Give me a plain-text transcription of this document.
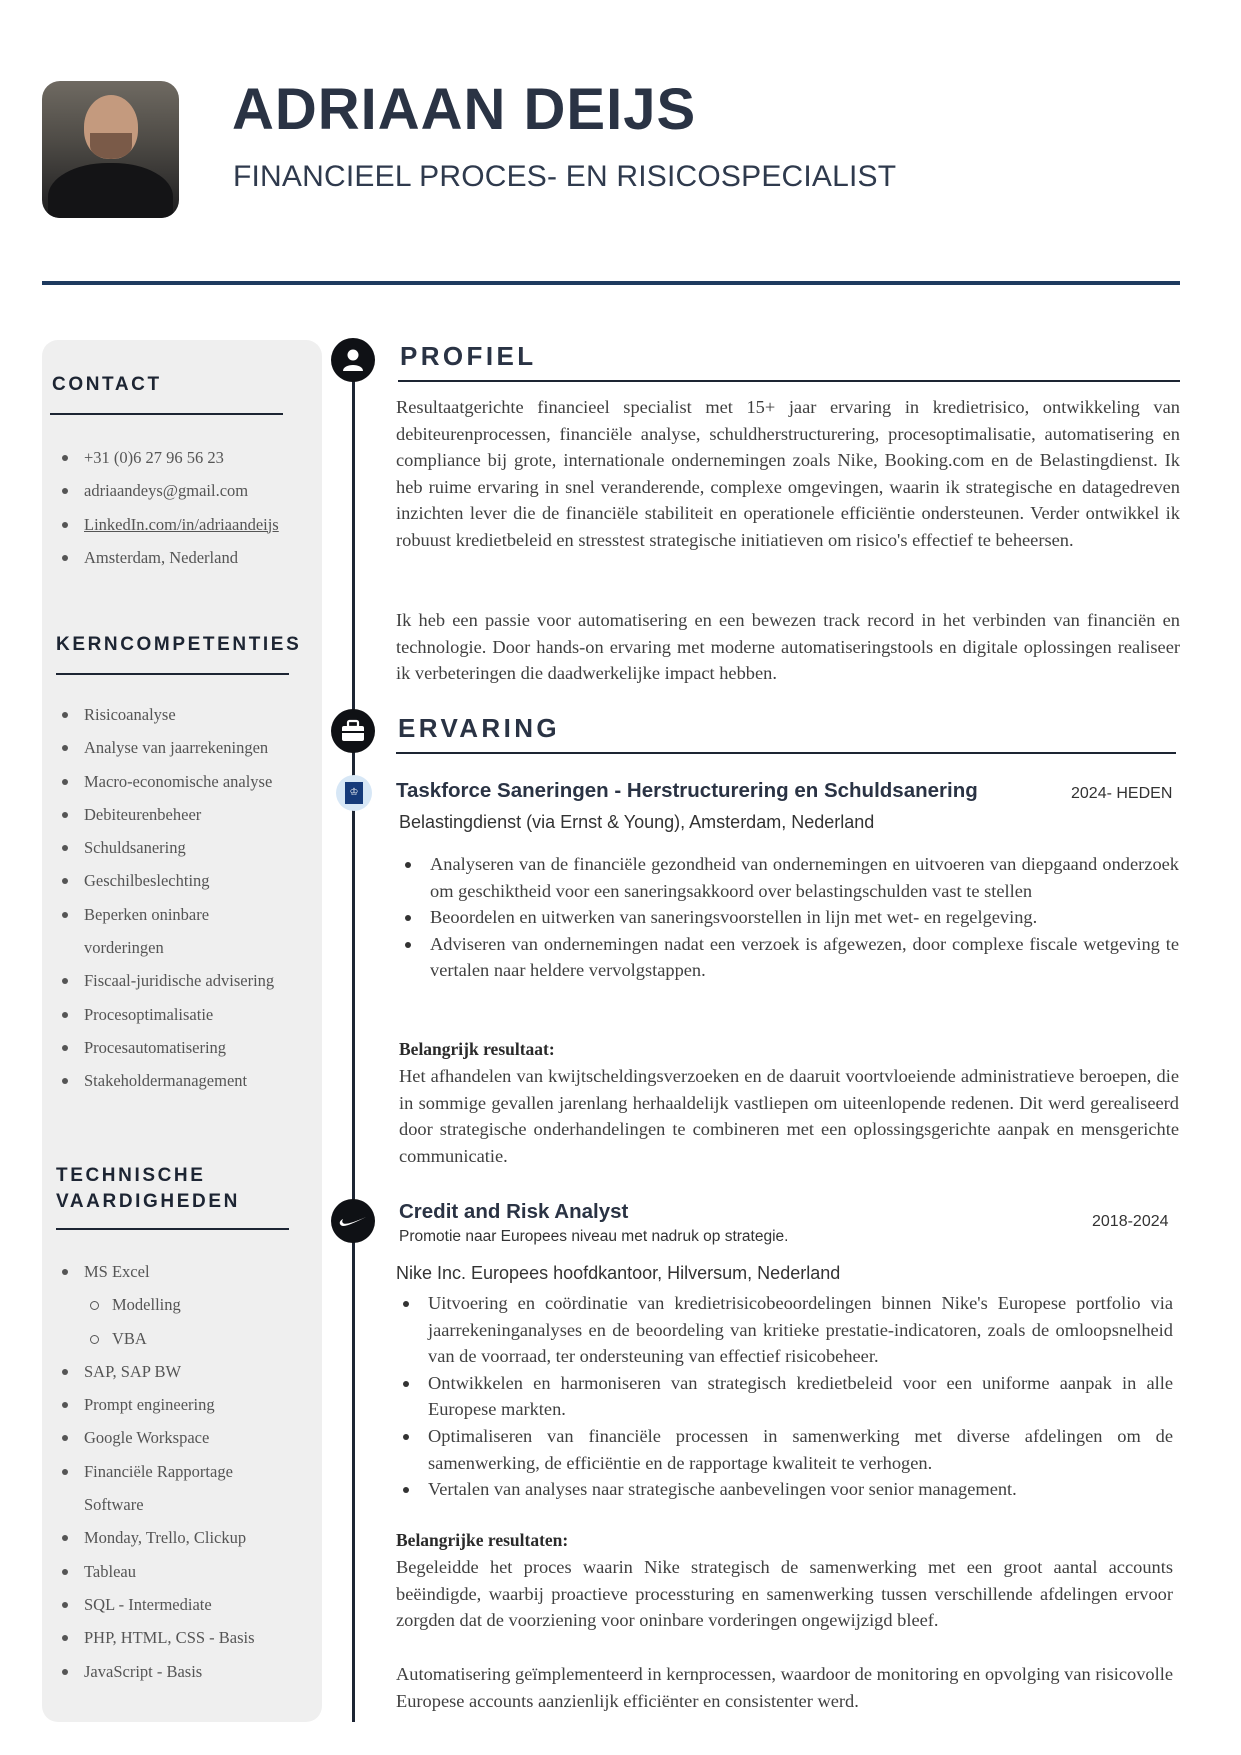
ADRIAAN DEIJS
FINANCIEEL PROCES- EN RISICOSPECIALIST
CONTACT
+31 (0)6 27 96 56 23
adriaandeys@gmail.com
LinkedIn.com/in/adriaandeijs
Amsterdam, Nederland
KERNCOMPETENTIES
Risicoanalyse
Analyse van jaarrekeningen
Macro-economische analyse
Debiteurenbeheer
Schuldsanering
Geschilbeslechting
Beperken oninbare
vorderingen
Fiscaal-juridische advisering
Procesoptimalisatie
Procesautomatisering
Stakeholdermanagement
TECHNISCHE
VAARDIGHEDEN
MS Excel
Modelling
VBA
SAP, SAP BW
Prompt engineering
Google Workspace
Financiële Rapportage
Software
Monday, Trello, Clickup
Tableau
SQL - Intermediate
PHP, HTML, CSS - Basis
JavaScript - Basis
PROFIEL
Resultaatgerichte financieel specialist met 15+ jaar ervaring in kredietrisico, ontwikkeling van debiteurenprocessen, financiële analyse, schuldherstructurering, procesoptimalisatie, automatisering en compliance bij grote, internationale ondernemingen zoals Nike, Booking.com en de Belastingdienst. Ik heb ruime ervaring in snel veranderende, complexe omgevingen, waarin ik strategische en datagedreven inzichten lever die de financiële stabiliteit en operationele efficiëntie ondersteunen. Verder ontwikkel ik robuust kredietbeleid en stresstest strategische initiatieven om risico's effectief te beheersen.
Ik heb een passie voor automatisering en een bewezen track record in het verbinden van financiën en technologie. Door hands-on ervaring met moderne automatiseringstools en digitale oplossingen realiseer ik verbeteringen die daadwerkelijke impact hebben.
ERVARING
♔ Taskforce Saneringen - Herstructurering en Schuldsanering	2024- HEDEN
Belastingdienst (via Ernst & Young), Amsterdam, Nederland
Analyseren van de financiële gezondheid van ondernemingen en uitvoeren van diepgaand onderzoek om geschiktheid voor een saneringsakkoord over belastingschulden vast te stellen
Beoordelen en uitwerken van saneringsvoorstellen in lijn met wet- en regelgeving.
Adviseren van ondernemingen nadat een verzoek is afgewezen, door complexe fiscale wetgeving te vertalen naar heldere vervolgstappen.
Belangrijk resultaat:
Het afhandelen van kwijtscheldingsverzoeken en de daaruit voortvloeiende administratieve beroepen, die in sommige gevallen jarenlang herhaaldelijk vastliepen om uiteenlopende redenen. Dit werd gerealiseerd door strategische onderhandelingen te combineren met een oplossingsgerichte aanpak en mensgerichte communicatie.
Credit and Risk Analyst	2018-2024
Promotie naar Europees niveau met nadruk op strategie.
Nike Inc. Europees hoofdkantoor, Hilversum, Nederland
Uitvoering en coördinatie van kredietrisicobeoordelingen binnen Nike's Europese portfolio via jaarrekeninganalyses en de beoordeling van kritieke prestatie-indicatoren, zoals de omloopsnelheid van de voorraad, ter ondersteuning van effectief risicobeheer.
Ontwikkelen en harmoniseren van strategisch kredietbeleid voor een uniforme aanpak in alle Europese markten.
Optimaliseren van financiële processen in samenwerking met diverse afdelingen om de samenwerking, de efficiëntie en de rapportage kwaliteit te verhogen.
Vertalen van analyses naar strategische aanbevelingen voor senior management.
Belangrijke resultaten:
Begeleidde het proces waarin Nike strategisch de samenwerking met een groot aantal accounts beëindigde, waarbij proactieve processturing en samenwerking tussen verschillende afdelingen ervoor zorgden dat de voorziening voor oninbare vorderingen ongewijzigd bleef.
Automatisering geïmplementeerd in kernprocessen, waardoor de monitoring en opvolging van risicovolle Europese accounts aanzienlijk efficiënter en consistenter werd.
